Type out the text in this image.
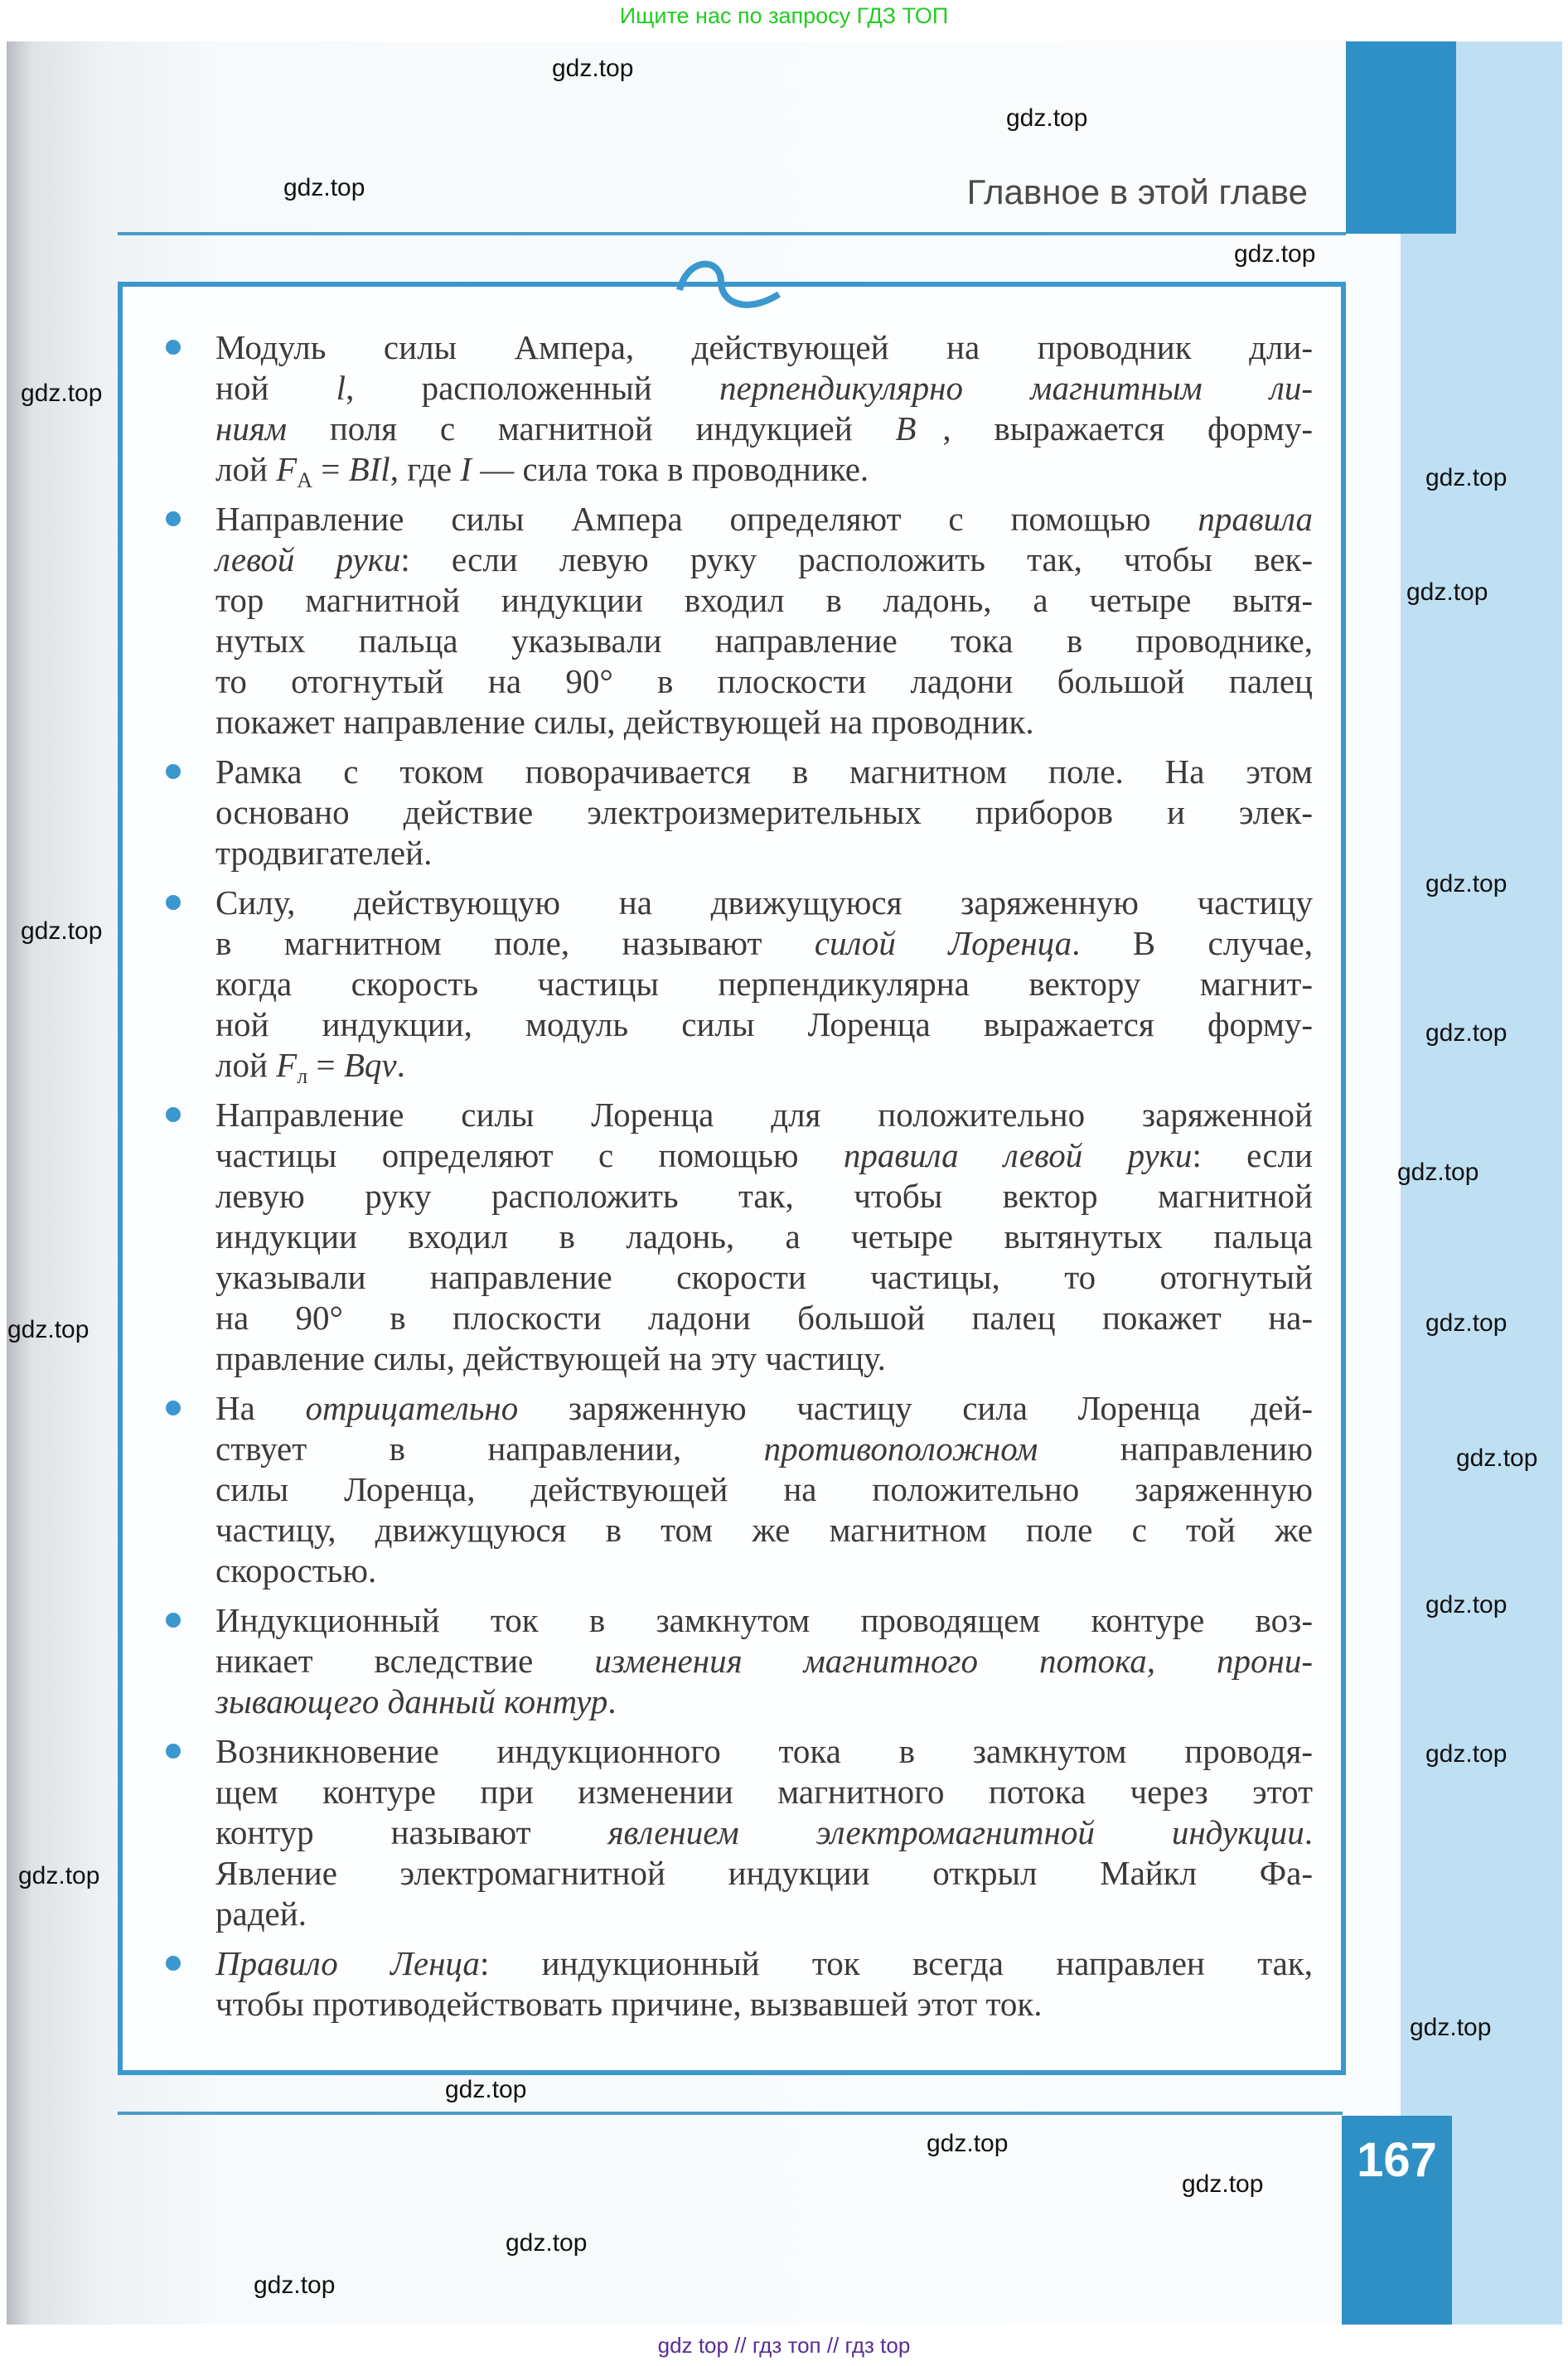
Ищите нас по запросу ГДЗ ТОП
Главное в этой главе
Модуль силы Ампера, действующей на проводник дли-
ной l, расположенный перпендикулярно магнитным ли-
ниям поля с магнитной индукцией B⃗, выражается форму-
лой $F_A$ = BIl, где I — сила тока в проводнике.
Направление силы Ампера определяют с помощью правила
левой руки: если левую руку расположить так, чтобы век-
тор магнитной индукции входил в ладонь, а четыре вытя-
нутых пальца указывали направление тока в проводнике,
то отогнутый на 90° в плоскости ладони большой палец
покажет направление силы, действующей на проводник.
Рамка с током поворачивается в магнитном поле. На этом
основано действие электроизмерительных приборов и элек-
тродвигателей.
Силу, действующую на движущуюся заряженную частицу
в магнитном поле, называют силой Лоренца. В случае,
когда скорость частицы перпендикулярна вектору магнит-
ной индукции, модуль силы Лоренца выражается форму-
лой $F_л$ = Bqv.
Направление силы Лоренца для положительно заряженной
частицы определяют с помощью правила левой руки: если
левую руку расположить так, чтобы вектор магнитной
индукции входил в ладонь, а четыре вытянутых пальца
указывали направление скорости частицы, то отогнутый
на 90° в плоскости ладони большой палец покажет на-
правление силы, действующей на эту частицу.
На отрицательно заряженную частицу сила Лоренца дей-
ствует в направлении, противоположном направлению
силы Лоренца, действующей на положительно заряженную
частицу, движущуюся в том же магнитном поле с той же
скоростью.
Индукционный ток в замкнутом проводящем контуре воз-
никает вследствие изменения магнитного потока, прони-
зывающего данный контур.
Возникновение индукционного тока в замкнутом проводя-
щем контуре при изменении магнитного потока через этот
контур называют явлением электромагнитной индукции.
Явление электромагнитной индукции открыл Майкл Фа-
радей.
Правило Ленца: индукционный ток всегда направлен так,
чтобы противодействовать причине, вызвавшей этот ток.
167
gdz.top
gdz.top
gdz.top
gdz.top
gdz.top
gdz.top
gdz.top
gdz.top
gdz.top
gdz.top
gdz.top
gdz.top	gdz.top
gdz.top
gdz.top
gdz.top
gdz.top
gdz.top
gdz.top
gdz.top
gdz.top
gdz.top
gdz.top
gdz top // гдз топ // гдз top
